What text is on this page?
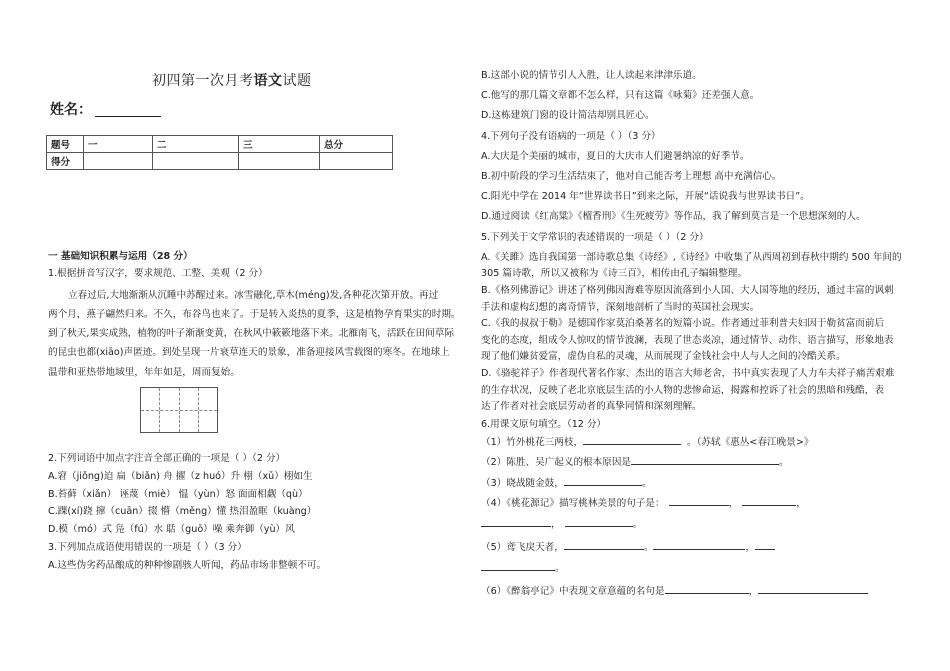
初四第一次月考语文试题
姓名：
题号	一	二	三	总分
得分				
一 基础知识积累与运用（28 分）
1.根据拼音写汉字，要求规范、工整、美观（2 分）
立春过后,大地渐渐从沉睡中苏醒过来。冰雪融化,草木(méng)发,各种花次第开放。再过
两个月，燕子翩然归来。不久，布谷鸟也来了。于是转入炎热的夏季，这是植物孕育果实的时期。
到了秋天,果实成熟，植物的叶子渐渐变黄，在秋风中簌簌地落下来。北雁南飞，活跃在田间草际
的昆虫也都(xiāo)声匿迹。到处呈现一片衰草连天的景象，准备迎接风雪载图的寒冬。在地球上
温带和亚热带地域里，年年如是，周而复始。
2.下列词语中加点字注音全部正确的一项是（ ）（2 分）
A.窘（jiǒng)迫 扁（biǎn) 舟 擢（z huó）升 栩（xǔ）栩如生
B.苔藓（xiǎn） 诬蔑（miè） 愠（yùn）怒 面面相觑（qù）
C.踝(xí)跷 撺（cuān）掇 懵（měng）懂 热泪盈眶（kuàng）
D.模（mó）式 凫（fú）水 聒（guō）噪 乘奔御（yù）风
3.下列加点成语使用错误的一项是（ ）（3 分）
A.这些伪劣药品酿成的种种惨剧骇人听闻，药品市场非整顿不可。
B.这部小说的情节引人入胜，让人读起来津津乐道。
C.他写的那几篇文章都不怎么样，只有这篇《咏菊》还差强人意。
D.这栋建筑门窗的设计简洁却别具匠心。
4.下列句子没有语病的一项是（ ）（3 分）
A.大庆是个美丽的城市，夏日的大庆市人们避暑纳凉的好季节。
B.初中阶段的学习生活结束了，他对自己能否考上理想 高中充满信心。
C.阳光中学在 2014 年“世界读书日”到来之际，开展“话说我与世界读书日”。
D.通过阅读《红高粱》《檀香刑》《生死疲劳》等作品，我了解到莫言是一个思想深刻的人。
5.下列关于文学常识的表述错误的一项是（ ）（2 分）
A.《关雎》选自我国第一部诗歌总集《诗经》,《诗经》中收集了从西周初到春秋中期约 500 年间的
305 篇诗歌，所以又被称为《诗三百》，相传由孔子编辑整理。
B.《格列佛游记》讲述了格列佛因海难等原因流落到小人国、大人国等地的经历，通过丰富的讽刺
手法和虚构幻想的离奇情节，深刻地剖析了当时的英国社会现实。
C.《我的叔叔于勒》是德国作家莫泊桑著名的短篇小说。作者通过菲利普夫妇因于勒贫富而前后
变化的态度，组成令人惊叹的情节波澜，表现了世态炎凉，通过情节、动作、语言描写，形象地表
现了他们嫌贫爱富，虚伪自私的灵魂，从而展现了金钱社会中人与人之间的冷酷关系。
D.《骆驼祥子》作者现代著名作家、杰出的语言大师老舍，书中真实表现了人力车夫祥子痛苦艰难
的生存状况，反映了老北京底层生活的小人物的悲惨命运，揭露和控诉了社会的黑暗和残酷，表
达了作者对社会底层劳动者的真挚同情和深刻理解。
6.用课文原句填空。（12 分）
（1）竹外桃花三两枝，	。（苏轼《惠丛<春江晚景>》
（2）陈胜、吴广起义的根本原因是	。
（3）晓战随金鼓，	。
（4）《桃花源记》描写桃林美景的句子是：	，	，
，	。
（5）鸢飞戾天者，	。	，
。
（6）《醉翁亭记》中表现文章意蕴的名句是	，
